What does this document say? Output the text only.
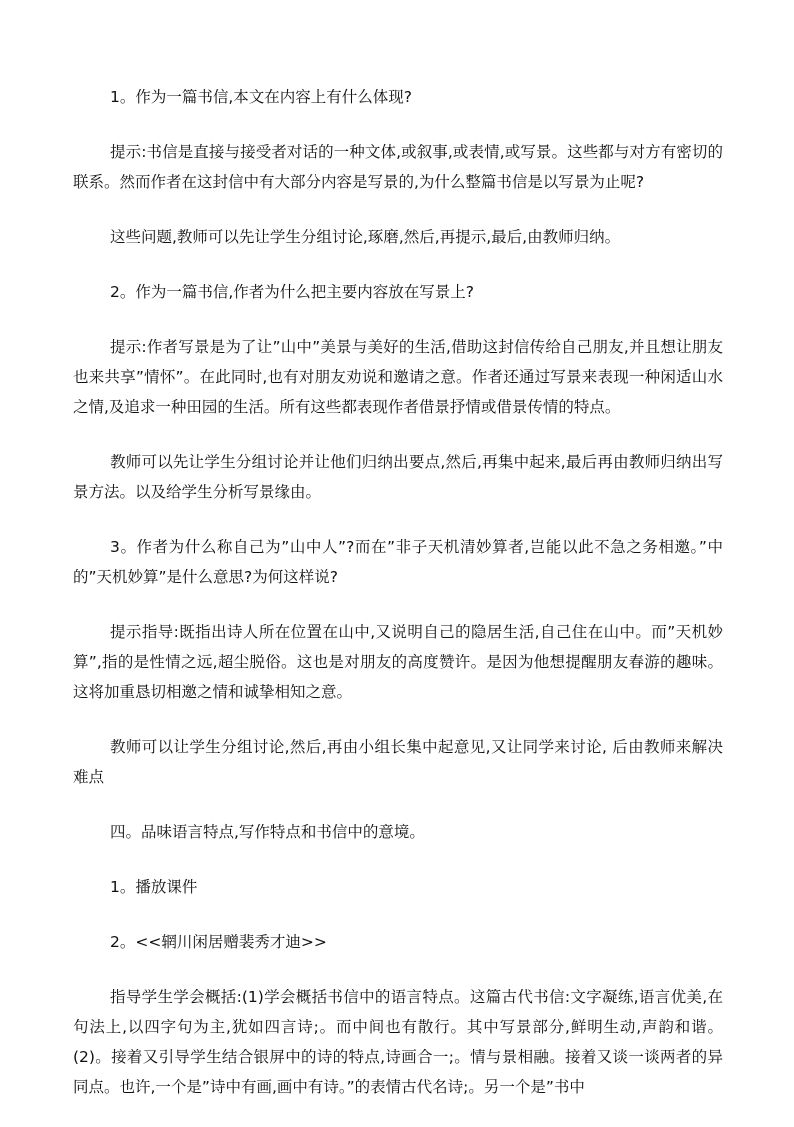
1。作为一篇书信,本文在内容上有什么体现?

提示:书信是直接与接受者对话的一种文体,或叙事,或表情,或写景。这些都与对方有密切的联系。然而作者在这封信中有大部分内容是写景的,为什么整篇书信是以写景为止呢?

这些问题,教师可以先让学生分组讨论,琢磨,然后,再提示,最后,由教师归纳。

2。作为一篇书信,作者为什么把主要内容放在写景上?

提示:作者写景是为了让”山中”美景与美好的生活,借助这封信传给自己朋友,并且想让朋友也来共享”情怀”。在此同时,也有对朋友劝说和邀请之意。作者还通过写景来表现一种闲适山水之情,及追求一种田园的生活。所有这些都表现作者借景抒情或借景传情的特点。

教师可以先让学生分组讨论并让他们归纳出要点,然后,再集中起来,最后再由教师归纳出写景方法。以及给学生分析写景缘由。

3。作者为什么称自己为”山中人”?而在”非子天机清妙算者,岂能以此不急之务相邀。”中的”天机妙算”是什么意思?为何这样说?

提示指导:既指出诗人所在位置在山中,又说明自己的隐居生活,自己住在山中。而”天机妙算”,指的是性情之远,超尘脱俗。这也是对朋友的高度赞许。是因为他想提醒朋友春游的趣味。这将加重恳切相邀之情和诚挚相知之意。

教师可以让学生分组讨论,然后,再由小组长集中起意见,又让同学来讨论, 后由教师来解决难点

四。品味语言特点,写作特点和书信中的意境。

1。播放课件

2。<<辋川闲居赠裴秀才迪>>

指导学生学会概括:(1)学会概括书信中的语言特点。这篇古代书信:文字凝练,语言优美,在句法上,以四字句为主,犹如四言诗;。而中间也有散行。其中写景部分,鲜明生动,声韵和谐。(2)。接着又引导学生结合银屏中的诗的特点,诗画合一;。情与景相融。接着又谈一谈两者的异同点。也许,一个是”诗中有画,画中有诗。”的表情古代名诗;。另一个是”书中
